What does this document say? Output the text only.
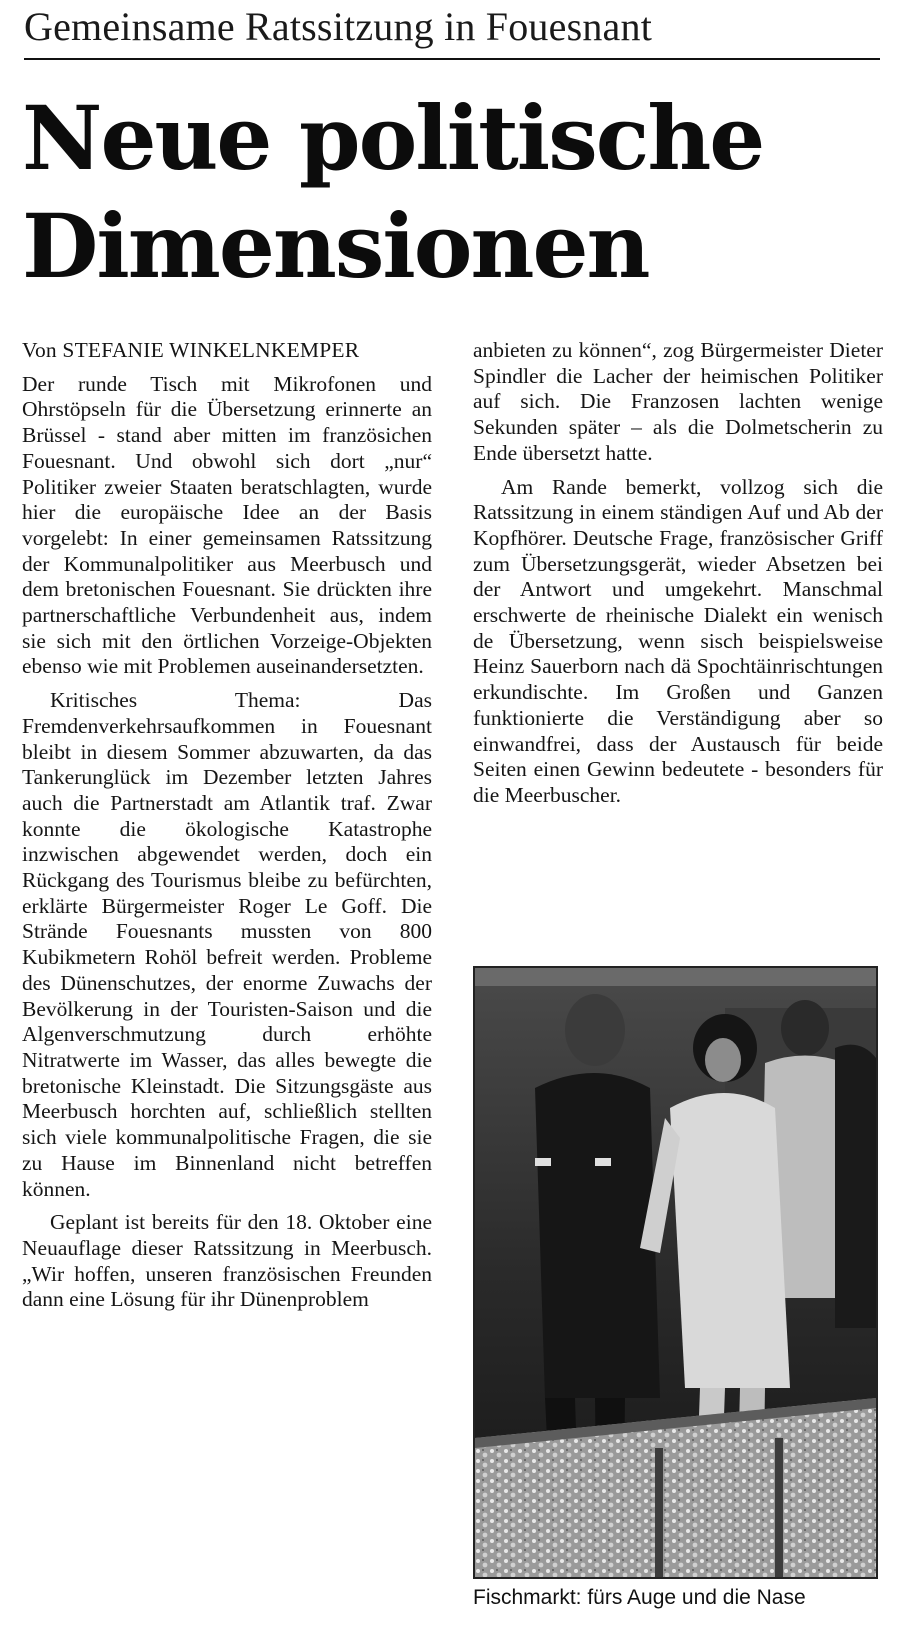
Gemeinsame Ratssitzung in Fouesnant
Neue politische
Dimensionen
Von STEFANIE WINKELNKEMPER

Der runde Tisch mit Mikrofonen und Ohrstöpseln für die Übersetzung erinnerte an Brüssel - stand aber mitten im französichen Fouesnant. Und obwohl sich dort „nur“ Politiker zweier Staaten beratschlagten, wurde hier die europäische Idee an der Basis vorgelebt: In einer gemeinsamen Ratssitzung der Kommunalpolitiker aus Meerbusch und dem bretonischen Fouesnant. Sie drückten ihre partnerschaftliche Verbundenheit aus, indem sie sich mit den örtlichen Vorzeige-Objekten ebenso wie mit Problemen auseinandersetzten.

Kritisches Thema: Das Fremdenverkehrsaufkommen in Fouesnant bleibt in diesem Sommer abzuwarten, da das Tankerunglück im Dezember letzten Jahres auch die Partnerstadt am Atlantik traf. Zwar konnte die ökologische Katastrophe inzwischen abgewendet werden, doch ein Rückgang des Tourismus bleibe zu befürchten, erklärte Bürgermeister Roger Le Goff. Die Strände Fouesnants mussten von 800 Kubikmetern Rohöl befreit werden. Probleme des Dünenschutzes, der enorme Zuwachs der Bevölkerung in der Touristen-Saison und die Algenverschmutzung durch erhöhte Nitratwerte im Wasser, das alles bewegte die bretonische Kleinstadt. Die Sitzungsgäste aus Meerbusch horchten auf, schließlich stellten sich viele kommunalpolitische Fragen, die sie zu Hause im Binnenland nicht betreffen können.

Geplant ist bereits für den 18. Oktober eine Neuauflage dieser Ratssitzung in Meerbusch. „Wir hoffen, unseren französischen Freunden dann eine Lösung für ihr Dünenproblem

anbieten zu können“, zog Bürgermeister Dieter Spindler die Lacher der heimischen Politiker auf sich. Die Franzosen lachten wenige Sekunden später – als die Dolmetscherin zu Ende übersetzt hatte.

Am Rande bemerkt, vollzog sich die Ratssitzung in einem ständigen Auf und Ab der Kopfhörer. Deutsche Frage, französischer Griff zum Übersetzungsgerät, wieder Absetzen bei der Antwort und umgekehrt. Manschmal erschwerte de rheinische Dialekt ein wenisch de Übersetzung, wenn sisch beispielsweise Heinz Sauerborn nach dä Spochtäinrischtungen erkundischte. Im Großen und Ganzen funktionierte die Verständigung aber so einwandfrei, dass der Austausch für beide Seiten einen Gewinn bedeutete - besonders für die Meerbuscher.

Fischmarkt: fürs Auge und die Nase
